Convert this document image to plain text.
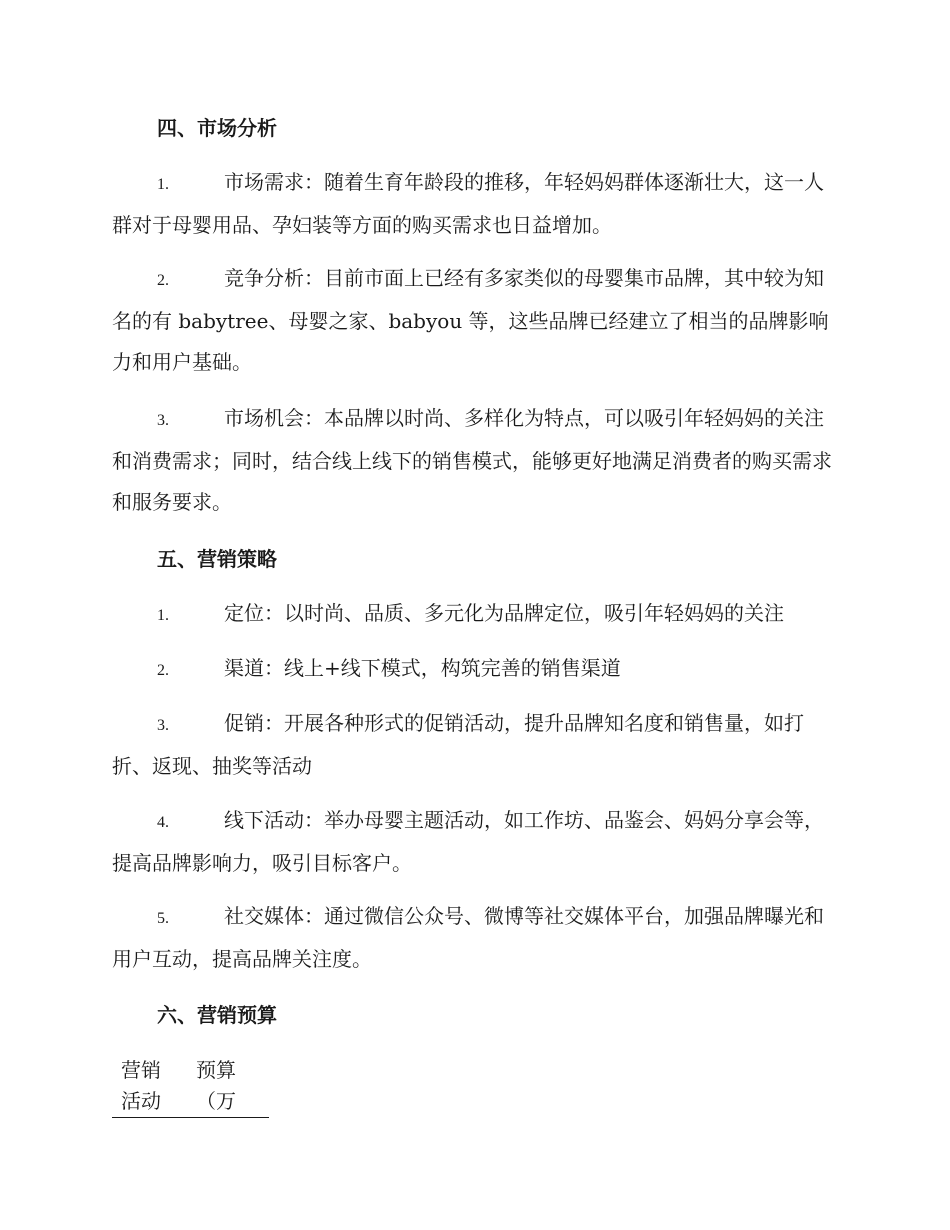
四、市场分析
1.	市场需求：随着生育年龄段的推移，年轻妈妈群体逐渐壮大，这一人群对于母婴用品、孕妇装等方面的购买需求也日益增加。
2.	竞争分析：目前市面上已经有多家类似的母婴集市品牌，其中较为知名的有 babytree、母婴之家、babyou 等，这些品牌已经建立了相当的品牌影响力和用户基础。
3.	市场机会：本品牌以时尚、多样化为特点，可以吸引年轻妈妈的关注和消费需求；同时，结合线上线下的销售模式，能够更好地满足消费者的购买需求和服务要求。
五、营销策略
1.	定位：以时尚、品质、多元化为品牌定位，吸引年轻妈妈的关注
2.	渠道：线上+线下模式，构筑完善的销售渠道
3.	促销：开展各种形式的促销活动，提升品牌知名度和销售量，如打折、返现、抽奖等活动
4.	线下活动：举办母婴主题活动，如工作坊、品鉴会、妈妈分享会等，提高品牌影响力，吸引目标客户。
5.	社交媒体：通过微信公众号、微博等社交媒体平台，加强品牌曝光和用户互动，提高品牌关注度。
六、营销预算
营销	预算
活动	（万
